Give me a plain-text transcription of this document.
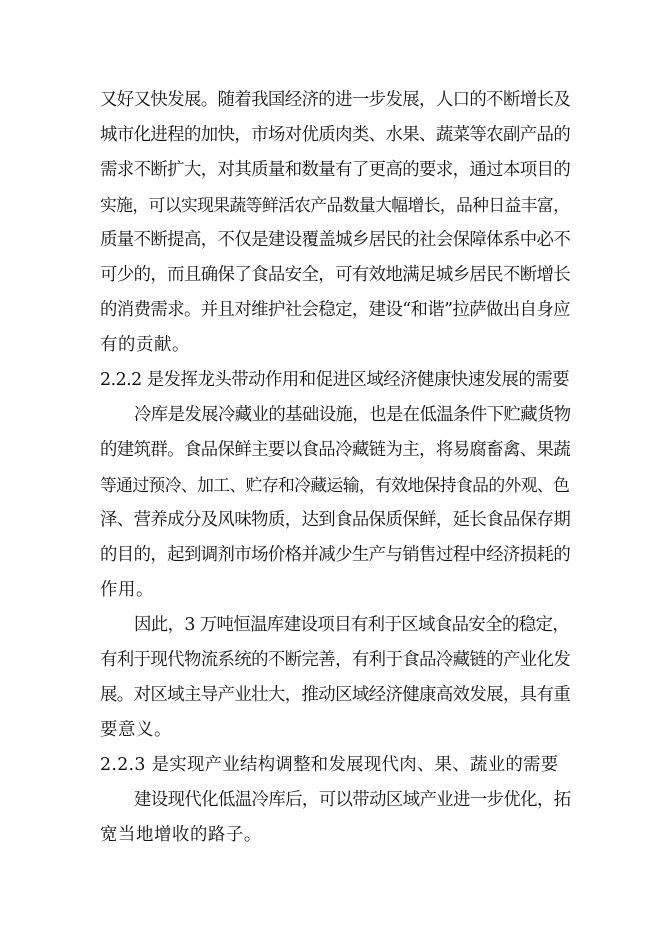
又好又快发展。随着我国经济的进一步发展，人口的不断增长及
城市化进程的加快，市场对优质肉类、水果、蔬菜等农副产品的
需求不断扩大，对其质量和数量有了更高的要求，通过本项目的
实施，可以实现果蔬等鲜活农产品数量大幅增长，品种日益丰富，
质量不断提高，不仅是建设覆盖城乡居民的社会保障体系中必不
可少的，而且确保了食品安全，可有效地满足城乡居民不断增长
的消费需求。并且对维护社会稳定，建设“和谐”拉萨做出自身应
有的贡献。
2.2.2 是发挥龙头带动作用和促进区域经济健康快速发展的需要
冷库是发展冷藏业的基础设施，也是在低温条件下贮藏货物
的建筑群。食品保鲜主要以食品冷藏链为主，将易腐畜禽、果蔬
等通过预冷、加工、贮存和冷藏运输，有效地保持食品的外观、色
泽、营养成分及风味物质，达到食品保质保鲜，延长食品保存期
的目的，起到调剂市场价格并减少生产与销售过程中经济损耗的
作用。
因此，3 万吨恒温库建设项目有利于区域食品安全的稳定，
有利于现代物流系统的不断完善，有利于食品冷藏链的产业化发
展。对区域主导产业壮大，推动区域经济健康高效发展，具有重
要意义。
2.2.3 是实现产业结构调整和发展现代肉、果、蔬业的需要
建设现代化低温冷库后，可以带动区域产业进一步优化，拓
宽当地增收的路子。
